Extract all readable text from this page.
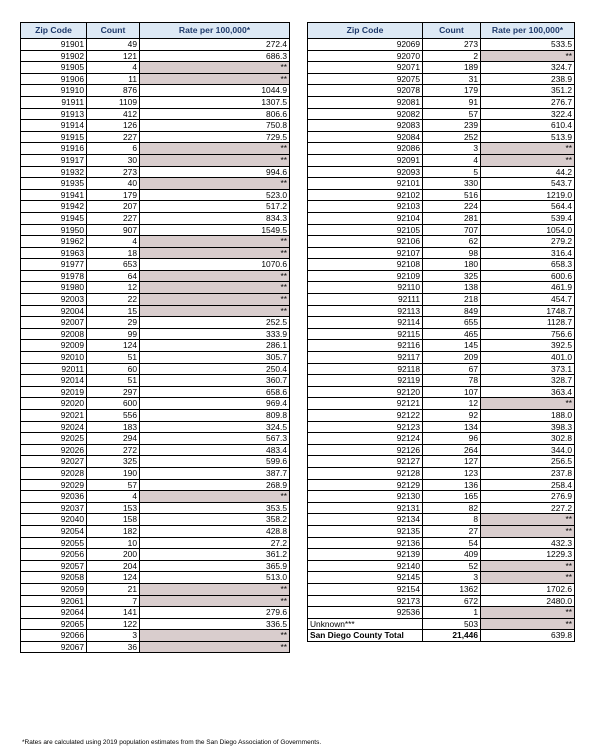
Zip Code	Count	Rate per 100,000*
91901	49	272.4
91902	121	686.3
91905	4	**
91906	11	**
91910	876	1044.9
91911	1109	1307.5
91913	412	806.6
91914	126	750.8
91915	227	729.5
91916	6	**
91917	30	**
91932	273	994.6
91935	40	**
91941	179	523.0
91942	207	517.2
91945	227	834.3
91950	907	1549.5
91962	4	**
91963	18	**
91977	653	1070.6
91978	64	**
91980	12	**
92003	22	**
92004	15	**
92007	29	252.5
92008	99	333.9
92009	124	286.1
92010	51	305.7
92011	60	250.4
92014	51	360.7
92019	297	658.6
92020	600	969.4
92021	556	809.8
92024	183	324.5
92025	294	567.3
92026	272	483.4
92027	325	599.6
92028	190	387.7
92029	57	268.9
92036	4	**
92037	153	353.5
92040	158	358.2
92054	182	428.8
92055	10	27.2
92056	200	361.2
92057	204	365.9
92058	124	513.0
92059	21	**
92061	7	**
92064	141	279.6
92065	122	336.5
92066	3	**
92067	36	**
Zip Code	Count	Rate per 100,000*
92069	273	533.5
92070	2	**
92071	189	324.7
92075	31	238.9
92078	179	351.2
92081	91	276.7
92082	57	322.4
92083	239	610.4
92084	252	513.9
92086	3	**
92091	4	**
92093	5	44.2
92101	330	543.7
92102	516	1219.0
92103	224	564.4
92104	281	539.4
92105	707	1054.0
92106	62	279.2
92107	98	316.4
92108	180	658.3
92109	325	600.6
92110	138	461.9
92111	218	454.7
92113	849	1748.7
92114	655	1128.7
92115	465	756.6
92116	145	392.5
92117	209	401.0
92118	67	373.1
92119	78	328.7
92120	107	363.4
92121	12	**
92122	92	188.0
92123	134	398.3
92124	96	302.8
92126	264	344.0
92127	127	256.5
92128	123	237.8
92129	136	258.4
92130	165	276.9
92131	82	227.2
92134	8	**
92135	27	**
92136	54	432.3
92139	409	1229.3
92140	52	**
92145	3	**
92154	1362	1702.6
92173	672	2480.0
92536	1	**
Unknown***	503	**
San Diego County Total	21,446	639.8
*Rates are calculated using 2019 population estimates from the San Diego Association of Governments.
